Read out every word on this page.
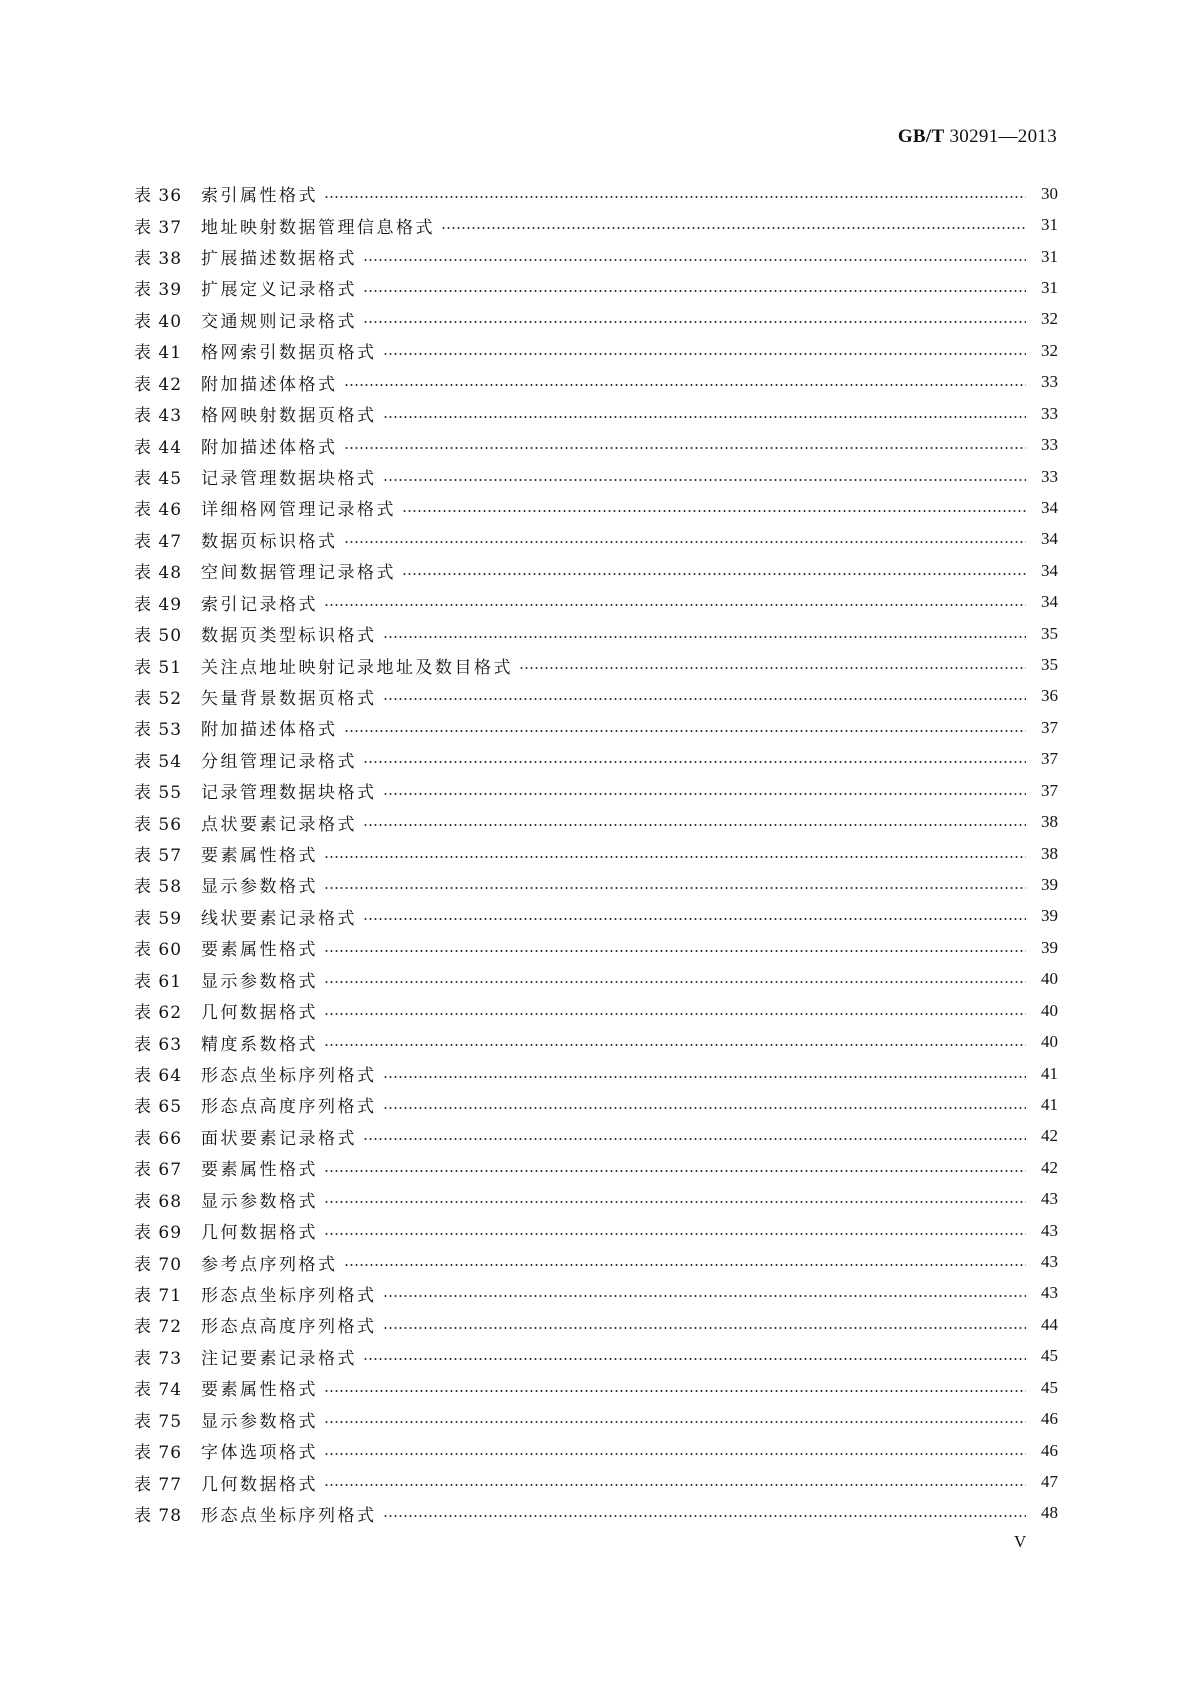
GB/T 30291—2013
表 36	索引属性格式	30
表 37	地址映射数据管理信息格式	31
表 38	扩展描述数据格式	31
表 39	扩展定义记录格式	31
表 40	交通规则记录格式	32
表 41	格网索引数据页格式	32
表 42	附加描述体格式	33
表 43	格网映射数据页格式	33
表 44	附加描述体格式	33
表 45	记录管理数据块格式	33
表 46	详细格网管理记录格式	34
表 47	数据页标识格式	34
表 48	空间数据管理记录格式	34
表 49	索引记录格式	34
表 50	数据页类型标识格式	35
表 51	关注点地址映射记录地址及数目格式	35
表 52	矢量背景数据页格式	36
表 53	附加描述体格式	37
表 54	分组管理记录格式	37
表 55	记录管理数据块格式	37
表 56	点状要素记录格式	38
表 57	要素属性格式	38
表 58	显示参数格式	39
表 59	线状要素记录格式	39
表 60	要素属性格式	39
表 61	显示参数格式	40
表 62	几何数据格式	40
表 63	精度系数格式	40
表 64	形态点坐标序列格式	41
表 65	形态点高度序列格式	41
表 66	面状要素记录格式	42
表 67	要素属性格式	42
表 68	显示参数格式	43
表 69	几何数据格式	43
表 70	参考点序列格式	43
表 71	形态点坐标序列格式	43
表 72	形态点高度序列格式	44
表 73	注记要素记录格式	45
表 74	要素属性格式	45
表 75	显示参数格式	46
表 76	字体选项格式	46
表 77	几何数据格式	47
表 78	形态点坐标序列格式	48
V
